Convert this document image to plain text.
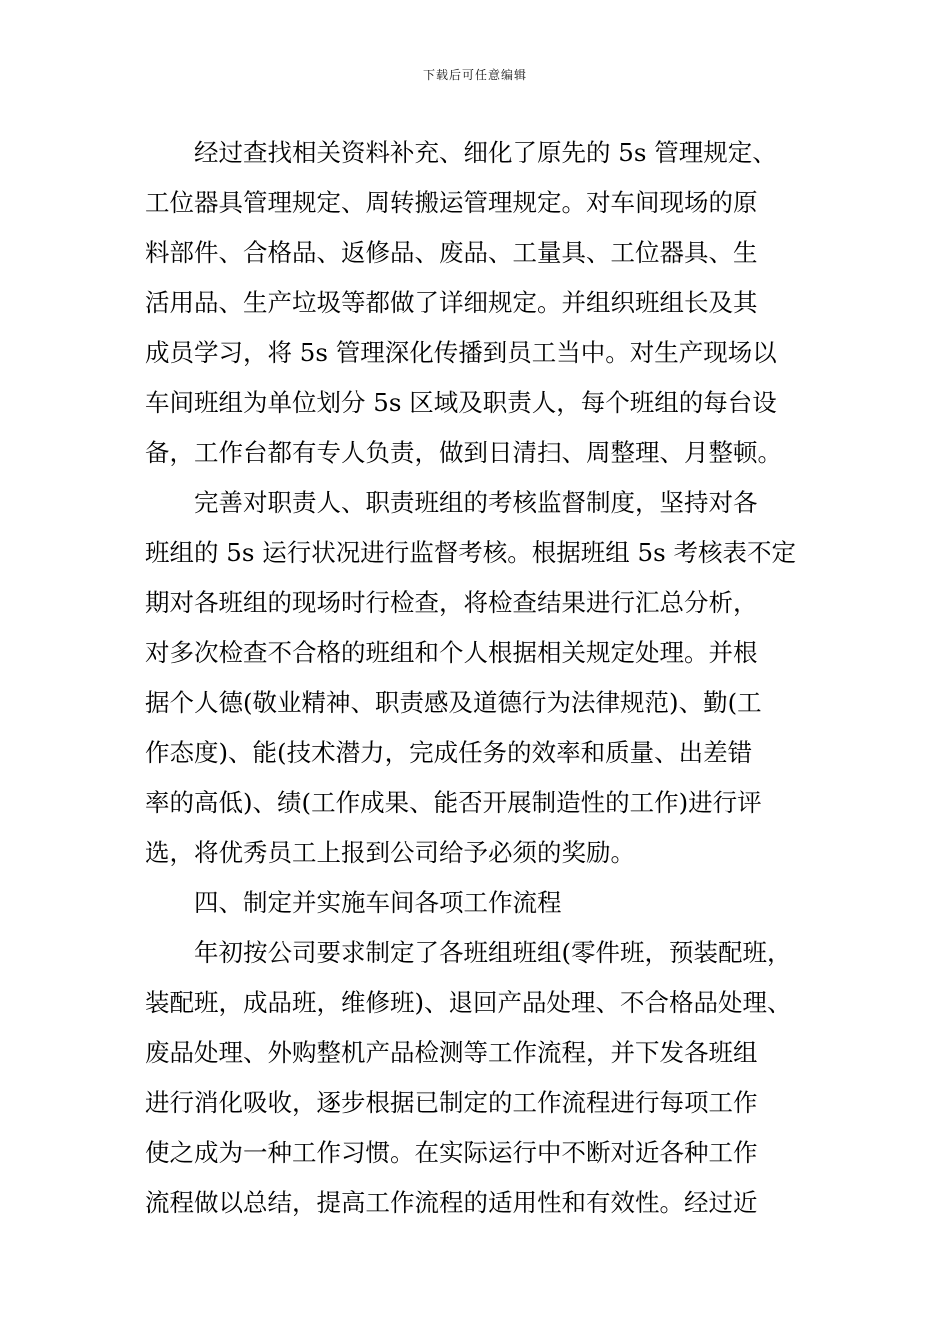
下载后可任意编辑
经过查找相关资料补充、细化了原先的 5s 管理规定、
工位器具管理规定、周转搬运管理规定。对车间现场的原
料部件、合格品、返修品、废品、工量具、工位器具、生
活用品、生产垃圾等都做了详细规定。并组织班组长及其
成员学习，将 5s 管理深化传播到员工当中。对生产现场以
车间班组为单位划分 5s 区域及职责人，每个班组的每台设
备，工作台都有专人负责，做到日清扫、周整理、月整顿。
完善对职责人、职责班组的考核监督制度，坚持对各
班组的 5s 运行状况进行监督考核。根据班组 5s 考核表不定
期对各班组的现场时行检查，将检查结果进行汇总分析，
对多次检查不合格的班组和个人根据相关规定处理。并根
据个人德(敬业精神、职责感及道德行为法律规范)、勤(工
作态度)、能(技术潜力，完成任务的效率和质量、出差错
率的高低)、绩(工作成果、能否开展制造性的工作)进行评
选，将优秀员工上报到公司给予必须的奖励。
四、制定并实施车间各项工作流程
年初按公司要求制定了各班组班组(零件班，预装配班，
装配班，成品班，维修班)、退回产品处理、不合格品处理、
废品处理、外购整机产品检测等工作流程，并下发各班组
进行消化吸收，逐步根据已制定的工作流程进行每项工作
使之成为一种工作习惯。在实际运行中不断对近各种工作
流程做以总结，提高工作流程的适用性和有效性。经过近
